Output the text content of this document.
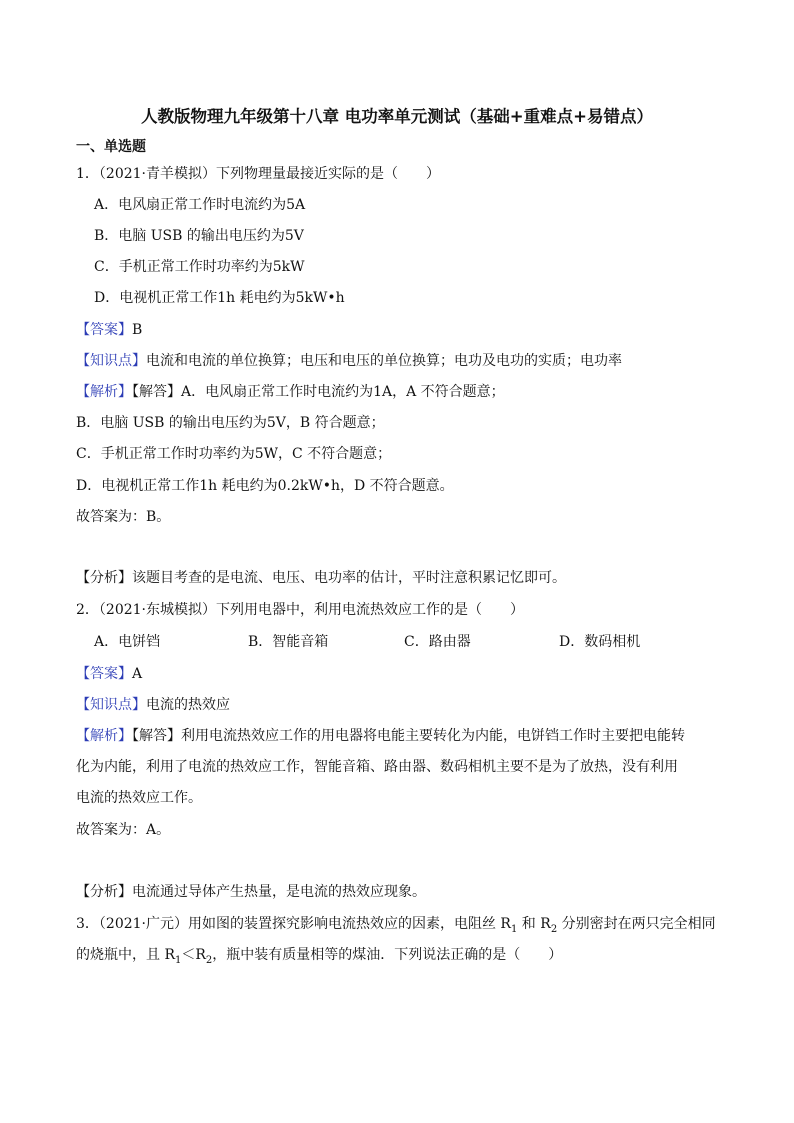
人教版物理九年级第十八章 电功率单元测试（基础+重难点+易错点）
一、单选题
1．（2021·青羊模拟）下列物理量最接近实际的是（　　）
A．电风扇正常工作时电流约为5A
B．电脑 USB 的输出电压约为5V
C．手机正常工作时功率约为5kW
D．电视机正常工作1h 耗电约为5kW•h
【答案】B
【知识点】电流和电流的单位换算；电压和电压的单位换算；电功及电功的实质；电功率
【解析】【解答】A．电风扇正常工作时电流约为1A，A 不符合题意；
B．电脑 USB 的输出电压约为5V，B 符合题意；
C．手机正常工作时功率约为5W，C 不符合题意；
D．电视机正常工作1h 耗电约为0.2kW•h，D 不符合题意。
故答案为：B。
【分析】该题目考查的是电流、电压、电功率的估计，平时注意积累记忆即可。
2．（2021·东城模拟）下列用电器中，利用电流热效应工作的是（　　）
A．电饼铛	B．智能音箱	C．路由器	D．数码相机
【答案】A
【知识点】电流的热效应
【解析】【解答】利用电流热效应工作的用电器将电能主要转化为内能，电饼铛工作时主要把电能转
化为内能，利用了电流的热效应工作，智能音箱、路由器、数码相机主要不是为了放热，没有利用
电流的热效应工作。
故答案为：A。
【分析】电流通过导体产生热量，是电流的热效应现象。
3．（2021·广元）用如图的装置探究影响电流热效应的因素，电阻丝 $R_1$ 和 $R_2$ 分别密封在两只完全相同
的烧瓶中，且 $R_1<R_2$，瓶中装有质量相等的煤油．下列说法正确的是（　　）
